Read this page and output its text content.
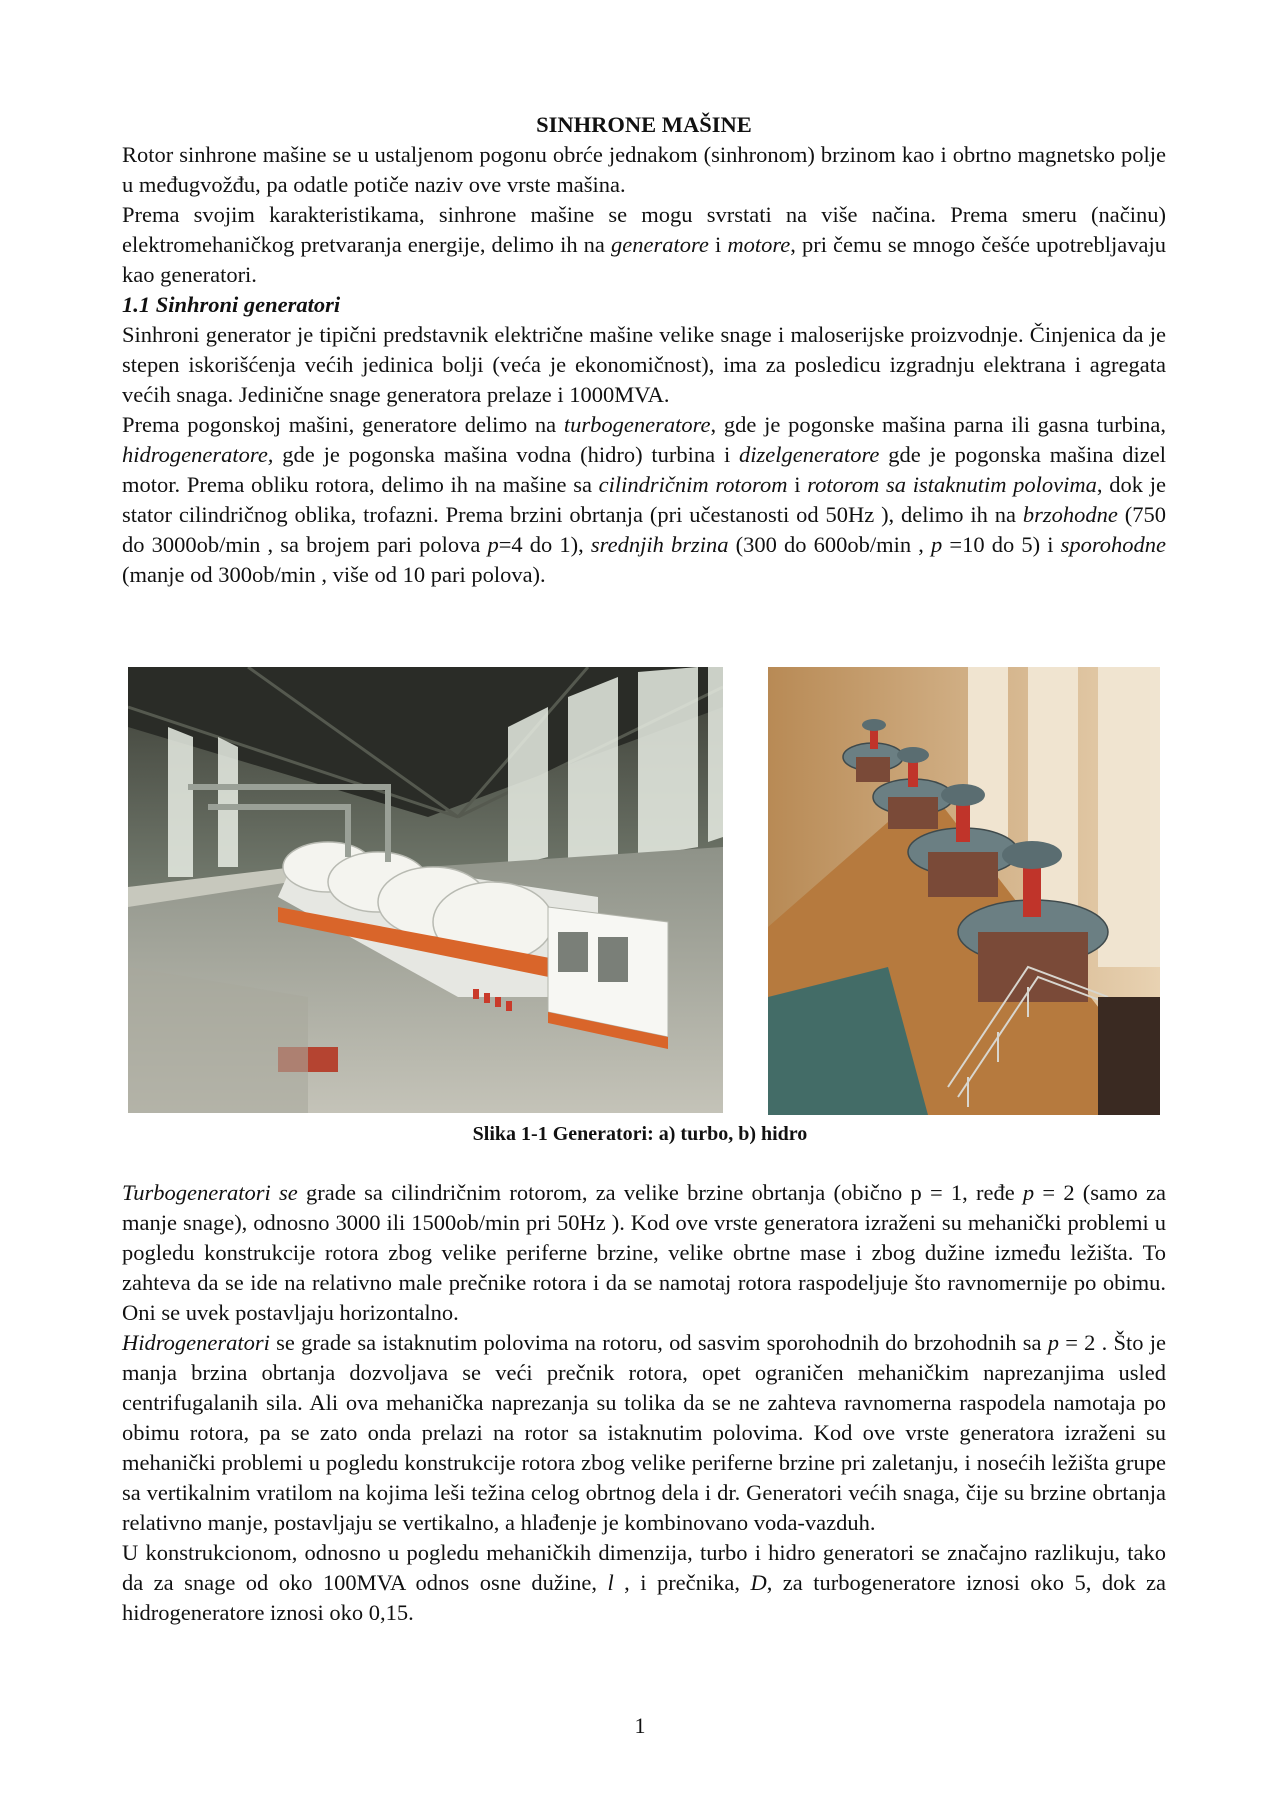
SINHRONE MAŠINE

Rotor sinhrone mašine se u ustaljenom pogonu obrće jednakom (sinhronom) brzinom kao i obrtno magnetsko polje u međugvožđu, pa odatle potiče naziv ove vrste mašina.

Prema svojim karakteristikama, sinhrone mašine se mogu svrstati na više načina. Prema smeru (načinu) elektromehaničkog pretvaranja energije, delimo ih na generatore i motore, pri čemu se mnogo češće upotrebljavaju kao generatori.

1.1 Sinhroni generatori

Sinhroni generator je tipični predstavnik električne mašine velike snage i maloserijske proizvodnje. Činjenica da je stepen iskorišćenja većih jedinica bolji (veća je ekonomičnost), ima za posledicu izgradnju elektrana i agregata većih snaga. Jedinične snage generatora prelaze i 1000MVA.

Prema pogonskoj mašini, generatore delimo na turbogeneratore, gde je pogonske mašina parna ili gasna turbina, hidrogeneratore, gde je pogonska mašina vodna (hidro) turbina i dizelgeneratore gde je pogonska mašina dizel motor. Prema obliku rotora, delimo ih na mašine sa cilindričnim rotorom i rotorom sa istaknutim polovima, dok je stator cilindričnog oblika, trofazni. Prema brzini obrtanja (pri učestanosti od 50Hz ), delimo ih na brzohodne (750 do 3000ob/min , sa brojem pari polova p=4 do 1), srednjih brzina (300 do 600ob/min , p =10 do 5) i sporohodne (manje od 300ob/min , više od 10 pari polova).

Slika 1-1 Generatori: a) turbo, b) hidro

Turbogeneratori se grade sa cilindričnim rotorom, za velike brzine obrtanja (obično p = 1, ređe p = 2 (samo za manje snage), odnosno 3000 ili 1500ob/min pri 50Hz ). Kod ove vrste generatora izraženi su mehanički problemi u pogledu konstrukcije rotora zbog velike periferne brzine, velike obrtne mase i zbog dužine između ležišta. To zahteva da se ide na relativno male prečnike rotora i da se namotaj rotora raspodeljuje što ravnomernije po obimu. Oni se uvek postavljaju horizontalno.

Hidrogeneratori se grade sa istaknutim polovima na rotoru, od sasvim sporohodnih do brzohodnih sa p = 2 . Što je manja brzina obrtanja dozvoljava se veći prečnik rotora, opet ograničen mehaničkim naprezanjima usled centrifugalanih sila. Ali ova mehanička naprezanja su tolika da se ne zahteva ravnomerna raspodela namotaja po obimu rotora, pa se zato onda prelazi na rotor sa istaknutim polovima. Kod ove vrste generatora izraženi su mehanički problemi u pogledu konstrukcije rotora zbog velike periferne brzine pri zaletanju, i nosećih ležišta grupe sa vertikalnim vratilom na kojima leši težina celog obrtnog dela i dr. Generatori većih snaga, čije su brzine obrtanja relativno manje, postavljaju se vertikalno, a hlađenje je kombinovano voda-vazduh.

U konstrukcionom, odnosno u pogledu mehaničkih dimenzija, turbo i hidro generatori se značajno razlikuju, tako da za snage od oko 100MVA odnos osne dužine, l , i prečnika, D, za turbogeneratore iznosi oko 5, dok za hidrogeneratore iznosi oko 0,15.

1
